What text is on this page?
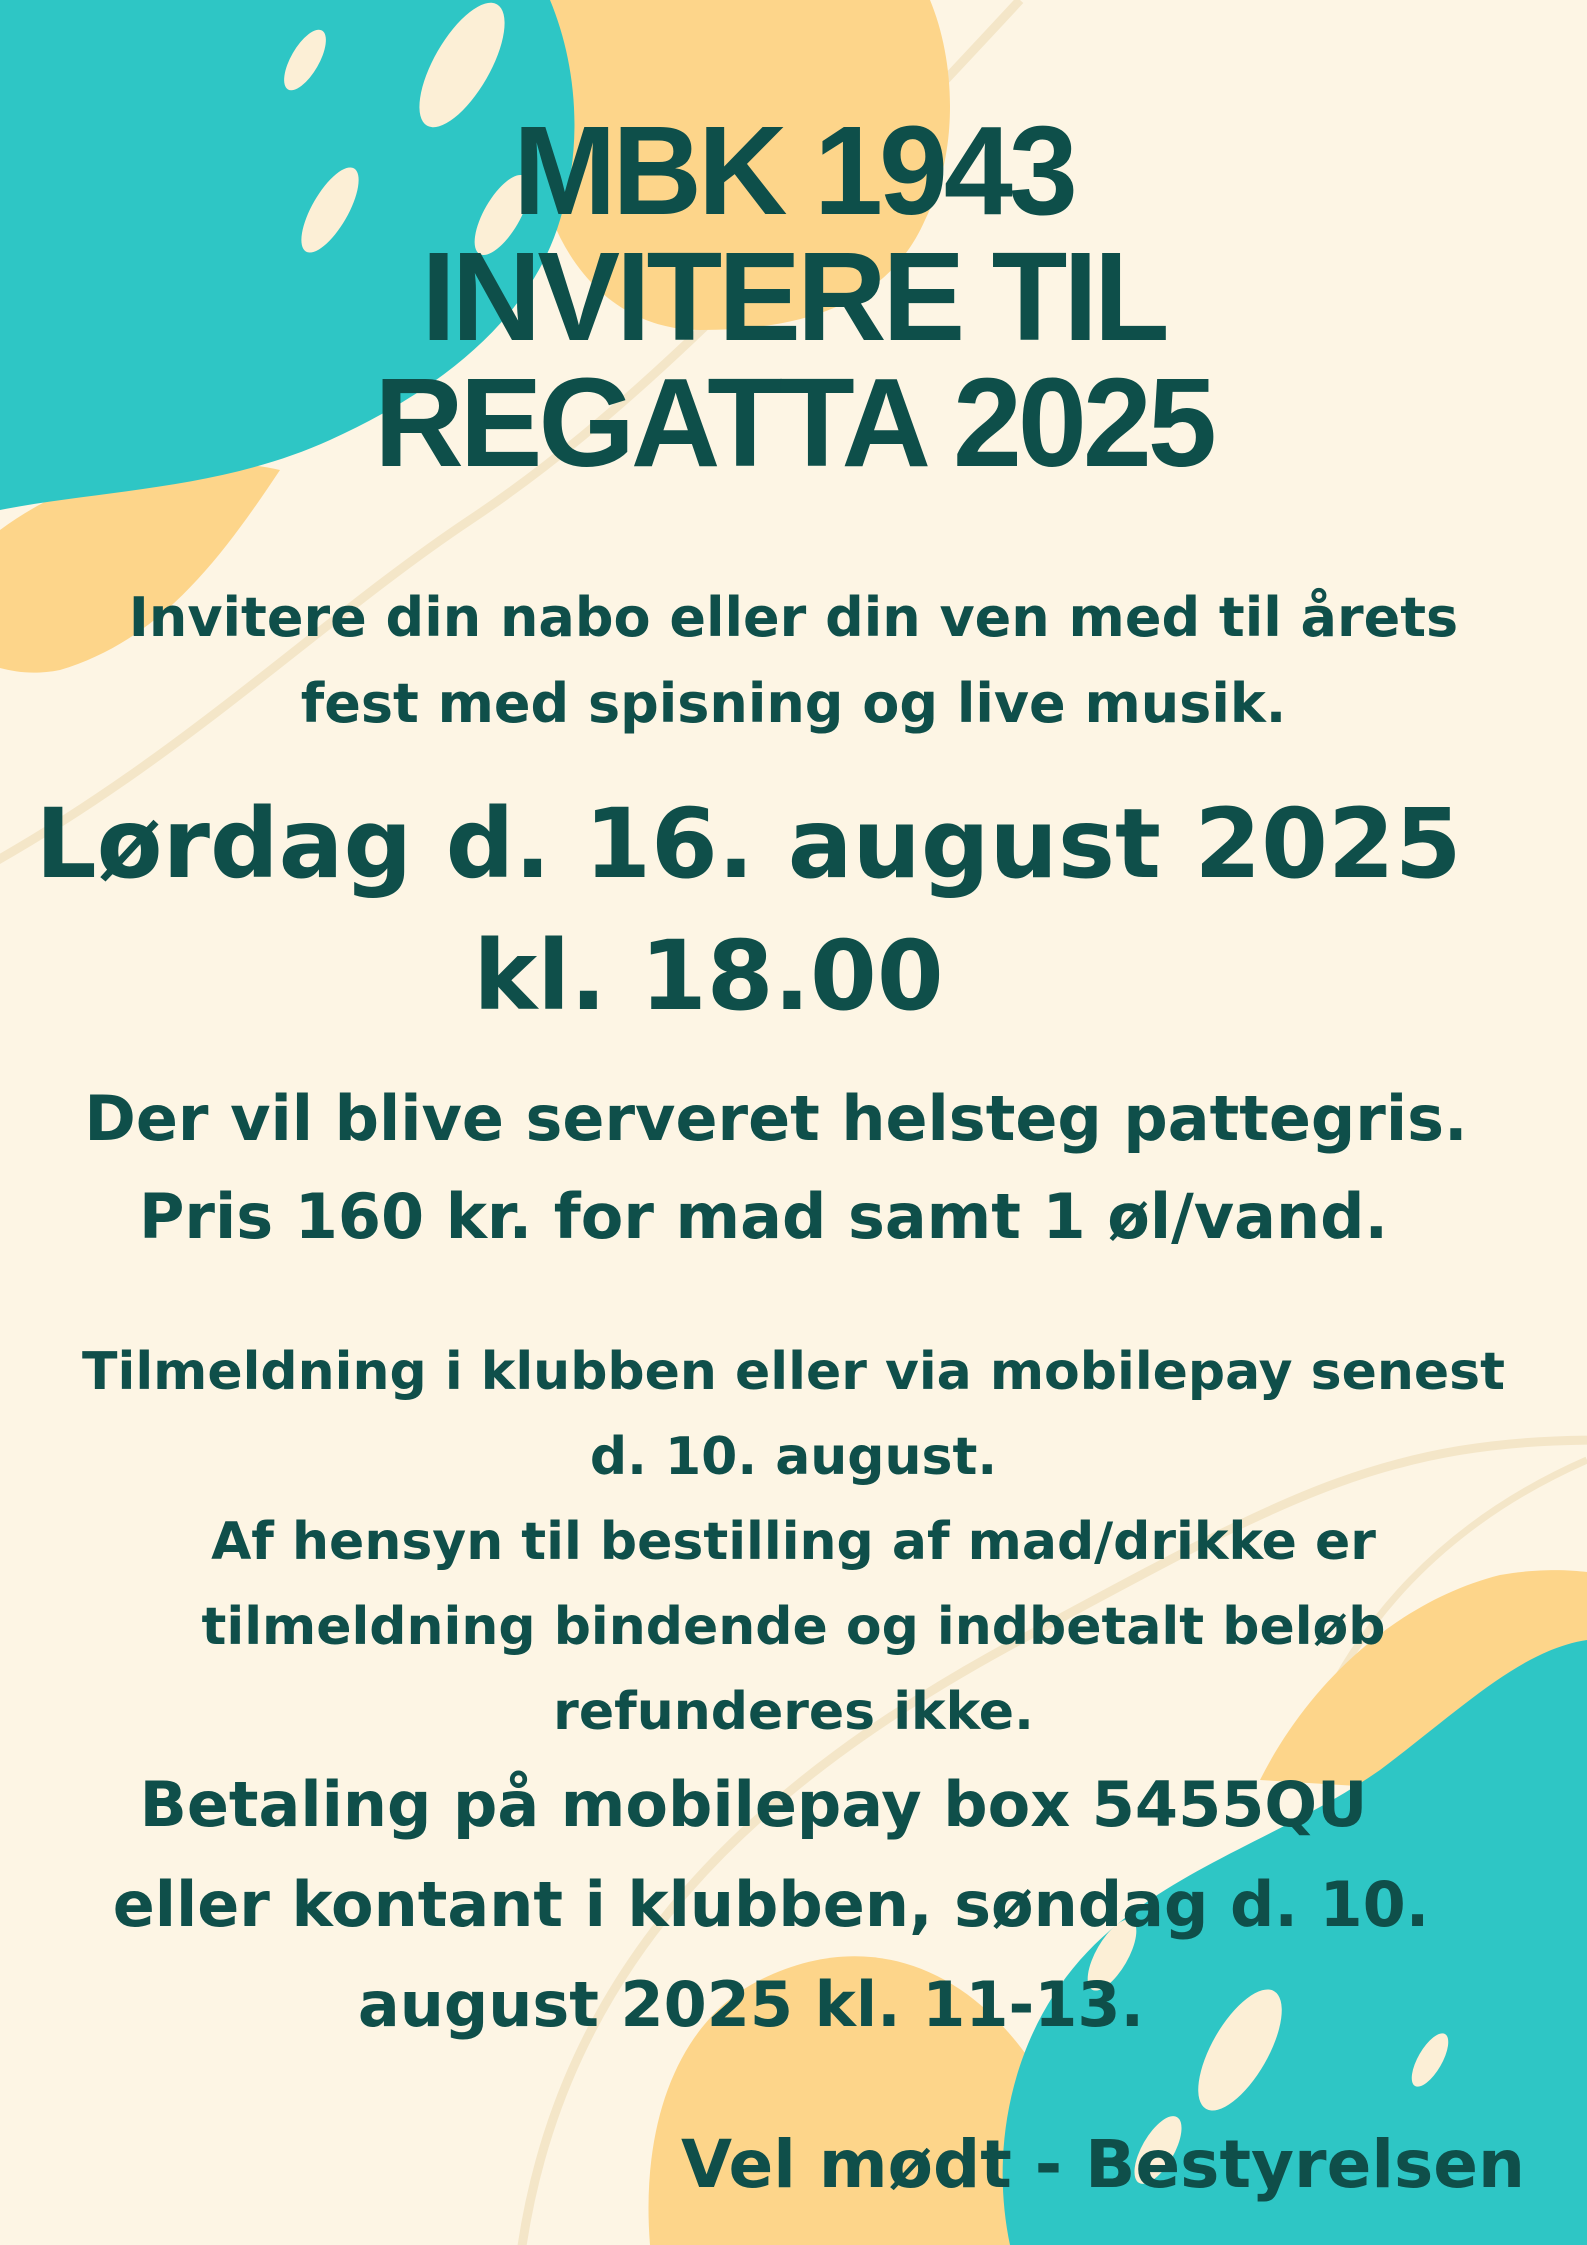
MBK 1943
INVITERE TIL
REGATTA 2025
Invitere din nabo eller din ven med til årets
fest med spisning og live musik.
Lørdag d. 16. august 2025
kl. 18.00
Der vil blive serveret helsteg pattegris.
Pris 160 kr. for mad samt 1 øl/vand.
Tilmeldning i klubben eller via mobilepay senest
d. 10. august.
Af hensyn til bestilling af mad/drikke er
tilmeldning bindende og indbetalt beløb
refunderes ikke.
Betaling på mobilepay box 5455QU
eller kontant i klubben, søndag d. 10.
august 2025 kl. 11-13.
Vel mødt - Bestyrelsen
